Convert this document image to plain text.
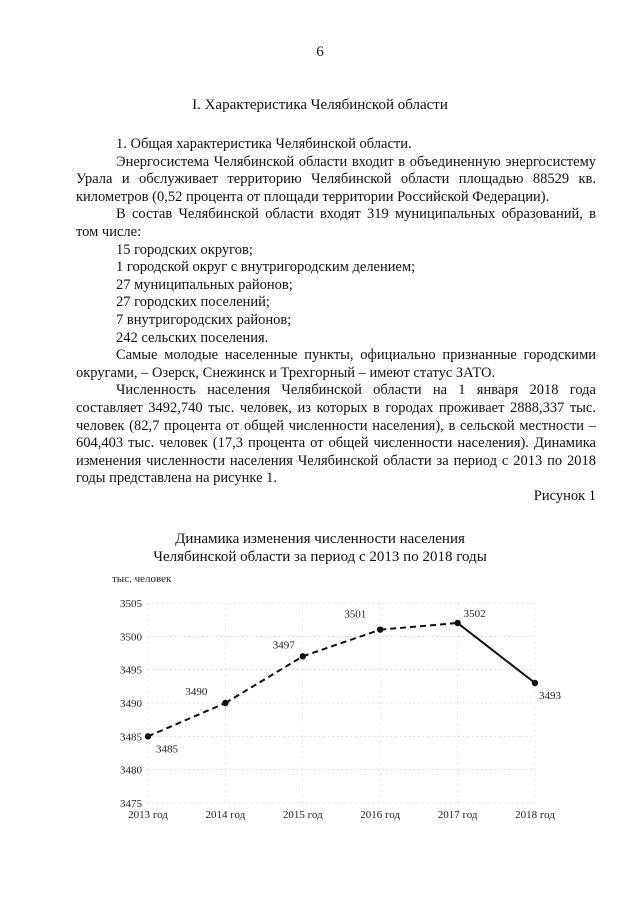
6
I. Характеристика Челябинской области

1. Общая характеристика Челябинской области.

Энергосистема Челябинской области входит в объединенную энергосистему Урала и обслуживает территорию Челябинской области площадью 88529 кв. километров (0,52 процента от площади территории Российской Федерации).

В состав Челябинской области входят 319 муниципальных образований, в том числе:

15 городских округов;

1 городской округ с внутригородским делением;

27 муниципальных районов;

27 городских поселений;

7 внутригородских районов;

242 сельских поселения.

Самые молодые населенные пункты, официально признанные городскими округами, – Озерск, Снежинск и Трехгорный – имеют статус ЗАТО.

Численность населения Челябинской области на 1 января 2018 года составляет 3492,740 тыс. человек, из которых в городах проживает 2888,337 тыс. человек (82,7 процента от общей численности населения), в сельской местности – 604,403 тыс. человек (17,3 процента от общей численности населения). Динамика изменения численности населения Челябинской области за период с 2013 по 2018 годы представлена на рисунке 1.

Рисунок 1

Динамика изменения численности населения

Челябинской области за период с 2013 по 2018 годы

тыс. человек
3505
3500
3495
3490
3485
3480
3475
2013 год	2014 год	2015 год	2016 год	2017 год	2018 год
3485
3490
3497
3501	3502
3493
